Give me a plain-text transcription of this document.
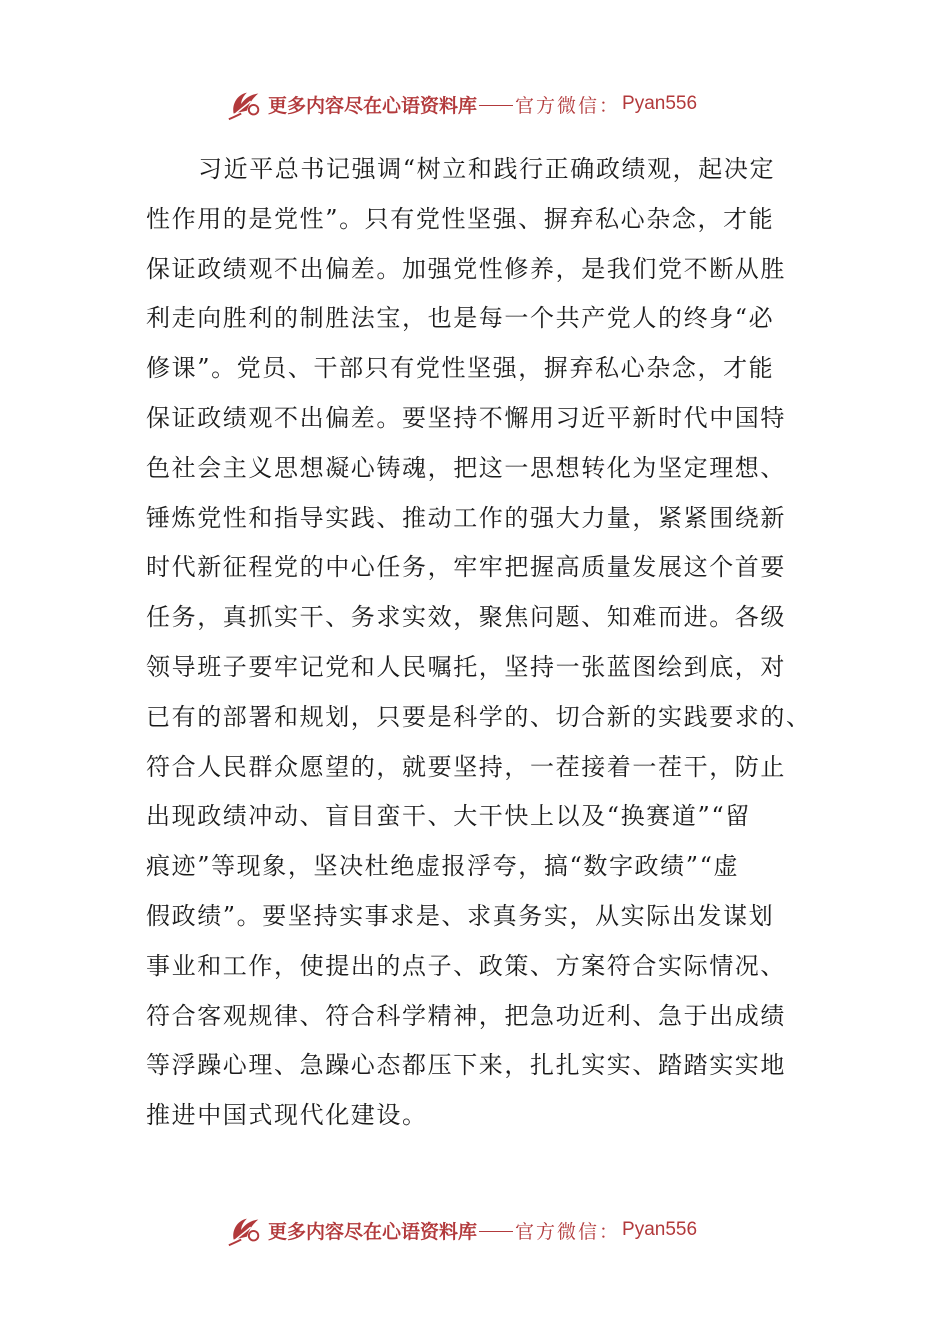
更多内容尽在心语资料库 官方微信： Pyan556
习近平总书记强调“树立和践行正确政绩观，起决定
性作用的是党性”。只有党性坚强、摒弃私心杂念，才能
保证政绩观不出偏差。加强党性修养，是我们党不断从胜
利走向胜利的制胜法宝，也是每一个共产党人的终身“必
修课”。党员、干部只有党性坚强，摒弃私心杂念，才能
保证政绩观不出偏差。要坚持不懈用习近平新时代中国特
色社会主义思想凝心铸魂，把这一思想转化为坚定理想、
锤炼党性和指导实践、推动工作的强大力量，紧紧围绕新
时代新征程党的中心任务，牢牢把握高质量发展这个首要
任务，真抓实干、务求实效，聚焦问题、知难而进。各级
领导班子要牢记党和人民嘱托，坚持一张蓝图绘到底，对
已有的部署和规划，只要是科学的、切合新的实践要求的、
符合人民群众愿望的，就要坚持，一茬接着一茬干，防止
出现政绩冲动、盲目蛮干、大干快上以及“换赛道”“留
痕迹”等现象，坚决杜绝虚报浮夸，搞“数字政绩”“虚
假政绩”。要坚持实事求是、求真务实，从实际出发谋划
事业和工作，使提出的点子、政策、方案符合实际情况、
符合客观规律、符合科学精神，把急功近利、急于出成绩
等浮躁心理、急躁心态都压下来，扎扎实实、踏踏实实地
推进中国式现代化建设。
更多内容尽在心语资料库 官方微信： Pyan556
